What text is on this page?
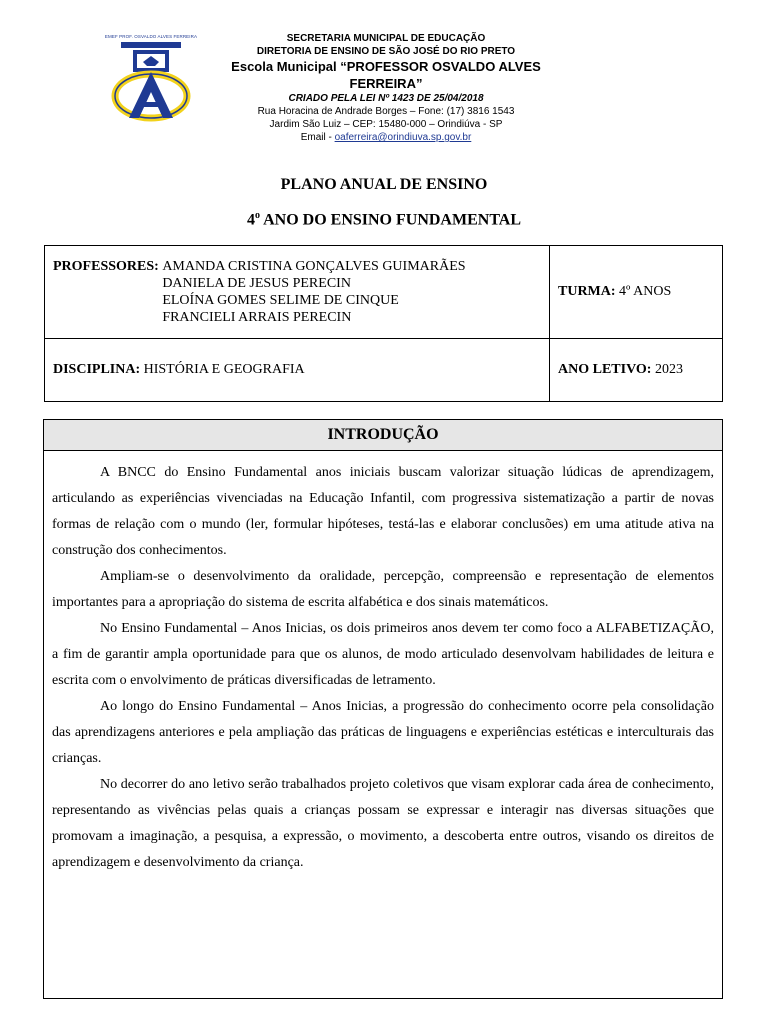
EMEF PROF. OSVALDO ALVES FERREIRA	SECRETARIA MUNICIPAL DE EDUCAÇÃO
DIRETORIA DE ENSINO DE SÃO JOSÉ DO RIO PRETO
Escola Municipal “PROFESSOR OSVALDO ALVES FERREIRA”
CRIADO PELA LEI Nº 1423 DE 25/04/2018
Rua Horacina de Andrade Borges – Fone: (17) 3816 1543
Jardim São Luiz – CEP: 15480-000 – Orindiúva - SP
Email - oaferreira@orindiuva.sp.gov.br
PLANO ANUAL DE ENSINO
4$^o$ ANO DO ENSINO FUNDAMENTAL
PROFESSORES: AMANDA CRISTINA GONÇALVES GUIMARÃES
DANIELA DE JESUS PERECIN
ELOÍNA GOMES SELIME DE CINQUE
FRANCIELI ARRAIS PERECIN	TURMA: 4º ANOS
DISCIPLINA: HISTÓRIA E GEOGRAFIA	ANO LETIVO: 2023
INTRODUÇÃO

A BNCC do Ensino Fundamental anos iniciais buscam valorizar situação lúdicas de aprendizagem, articulando as experiências vivenciadas na Educação Infantil, com progressiva sistematização a partir de novas formas de relação com o mundo (ler, formular hipóteses, testá-las e elaborar conclusões) em uma atitude ativa na construção dos conhecimentos.

Ampliam-se o desenvolvimento da oralidade, percepção, compreensão e representação de elementos importantes para a apropriação do sistema de escrita alfabética e dos sinais matemáticos.

No Ensino Fundamental – Anos Inicias, os dois primeiros anos devem ter como foco a ALFABETIZAÇÃO, a fim de garantir ampla oportunidade para que os alunos, de modo articulado desenvolvam habilidades de leitura e escrita com o envolvimento de práticas diversificadas de letramento.

Ao longo do Ensino Fundamental – Anos Inicias, a progressão do conhecimento ocorre pela consolidação das aprendizagens anteriores e pela ampliação das práticas de linguagens e experiências estéticas e interculturais das crianças.

No decorrer do ano letivo serão trabalhados projeto coletivos que visam explorar cada área de conhecimento, representando as vivências pelas quais a crianças possam se expressar e interagir nas diversas situações que promovam a imaginação, a pesquisa, a expressão, o movimento, a descoberta entre outros, visando os direitos de aprendizagem e desenvolvimento da criança.
